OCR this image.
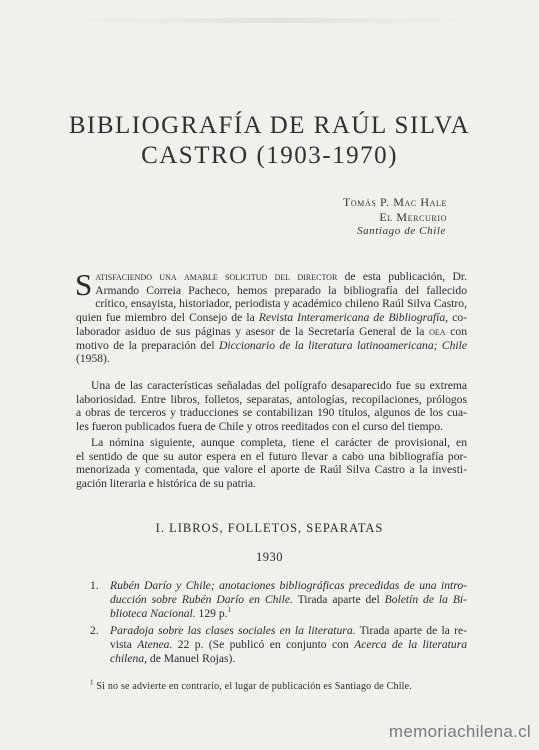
BIBLIOGRAFÍA DE RAÚL SILVA
CASTRO (1903-1970)
Tomás P. Mac Hale
El Mercurio
Santiago de Chile
S atisfaciendo una amable solicitud del director de esta publicación, Dr.
Armando Correia Pacheco, hemos preparado la bibliografía del fallecido
crítico, ensayista, historiador, periodista y académico chileno Raúl Silva Castro,
quien fue miembro del Consejo de la Revista Interamericana de Bibliografía, co-
laborador asiduo de sus páginas y asesor de la Secretaría General de la oea con
motivo de la preparación del Diccionario de la literatura latinoamericana; Chile
(1958).
Una de las características señaladas del polígrafo desaparecido fue su extrema
laboriosidad. Entre libros, folletos, separatas, antologías, recopilaciones, prólogos
a obras de terceros y traducciones se contabilizan 190 títulos, algunos de los cua-
les fueron publicados fuera de Chile y otros reeditados con el curso del tiempo.
La nómina siguiente, aunque completa, tiene el carácter de provisional, en
el sentido de que su autor espera en el futuro llevar a cabo una bibliografía por-
menorizada y comentada, que valore el aporte de Raúl Silva Castro a la investi-
gación literaria e histórica de su patria.
I. LIBROS, FOLLETOS, SEPARATAS
1930
1. Rubén Darío y Chile; anotaciones bibliográficas precedidas de una intro-
ducción sobre Rubén Darío en Chile. Tirada aparte del Boletín de la Bi-
blioteca Nacional. 129 p.$^1$
2. Paradoja sobre las clases sociales en la literatura. Tirada aparte de la re-
vista Atenea. 22 p. (Se publicó en conjunto con Acerca de la literatura
chilena, de Manuel Rojas).
$^1$ Si no se advierte en contrario, el lugar de publicación es Santiago de Chile.
memoriachilena.cl
